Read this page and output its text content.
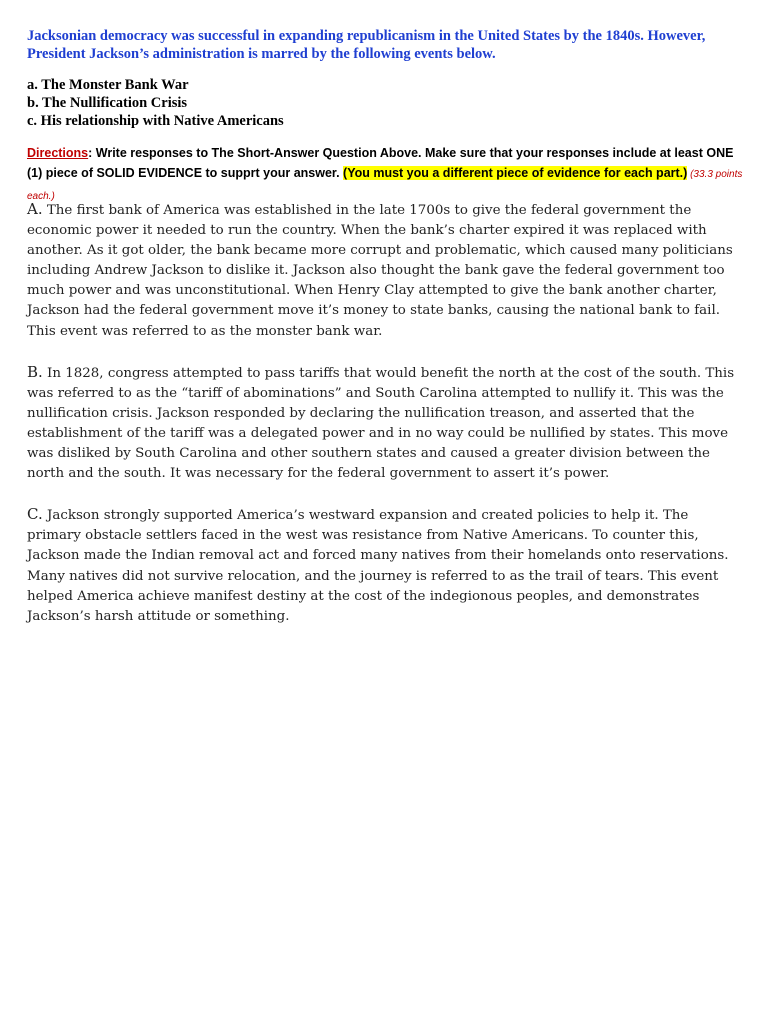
Jacksonian democracy was successful in expanding republicanism in the United States by the 1840s. However,
President Jackson’s administration is marred by the following events below.
a. The Monster Bank War
b. The Nullification Crisis
c. His relationship with Native Americans
Directions: Write responses to The Short-Answer Question Above. Make sure that your responses include at least ONE (1) piece of SOLID EVIDENCE to supprt your answer. (You must you a different piece of evidence for each part.) (33.3 points each.)

A. The first bank of America was established in the late 1700s to give the federal government the economic power it needed to run the country. When the bank’s charter expired it was replaced with another. As it got older, the bank became more corrupt and problematic, which caused many politicians including Andrew Jackson to dislike it. Jackson also thought the bank gave the federal government too much power and was unconstitutional. When Henry Clay attempted to give the bank another charter, Jackson had the federal government move it’s money to state banks, causing the national bank to fail. This event was referred to as the monster bank war.

B. In 1828, congress attempted to pass tariffs that would benefit the north at the cost of the south. This was referred to as the “tariff of abominations” and South Carolina attempted to nullify it. This was the nullification crisis. Jackson responded by declaring the nullification treason, and asserted that the establishment of the tariff was a delegated power and in no way could be nullified by states. This move was disliked by South Carolina and other southern states and caused a greater division between the north and the south. It was necessary for the federal government to assert it’s power.

C. Jackson strongly supported America’s westward expansion and created policies to help it. The primary obstacle settlers faced in the west was resistance from Native Americans. To counter this, Jackson made the Indian removal act and forced many natives from their homelands onto reservations. Many natives did not survive relocation, and the journey is referred to as the trail of tears. This event helped America achieve manifest destiny at the cost of the indegionous peoples, and demonstrates Jackson’s harsh attitude or something.
